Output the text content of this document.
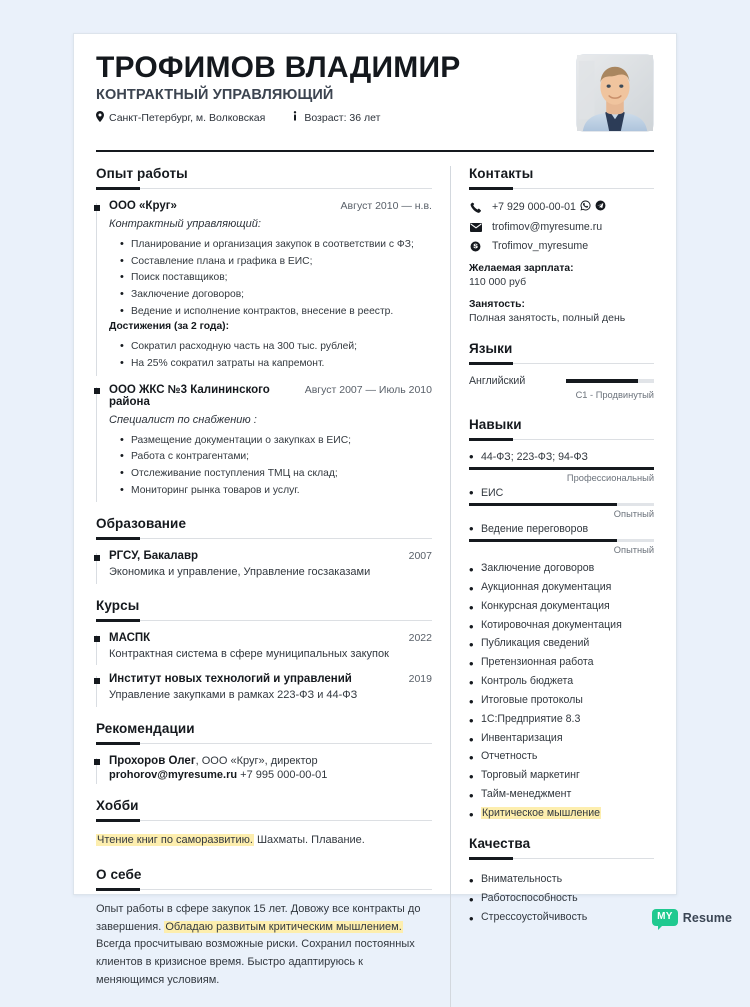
ТРОФИМОВ ВЛАДИМИР
КОНТРАКТНЫЙ УПРАВЛЯЮЩИЙ
Санкт-Петербург, м. Волковская	Возраст: 36 лет
Опыт работы
ООО «Круг»	Август 2010 — н.в.
Контрактный управляющий:
• Планирование и организация закупок в соответствии с ФЗ;
• Составление плана и графика в ЕИС;
• Поиск поставщиков;
• Заключение договоров;
• Ведение и исполнение контрактов, внесение в реестр.
Достижения (за 2 года):
• Сократил расходную часть на 300 тыс. рублей;
• На 25% сократил затраты на капремонт.
ООО ЖКС №3 Калининского района
Август 2007 — Июль 2010
Специалист по снабжению :
• Размещение документации о закупках в ЕИС;
• Работа с контрагентами;
• Отслеживание поступления ТМЦ на склад;
• Мониторинг рынка товаров и услуг.
Образование
РГСУ, Бакалавр	2007
Экономика и управление, Управление госзаказами
Курсы
МАСПК	2022
Контрактная система в сфере муниципальных закупок
Институт новых технологий и управлений	2019
Управление закупками в рамках 223-ФЗ и 44-ФЗ
Рекомендации
Прохоров Олег, ООО «Круг», директор
prohorov@myresume.ru +7 995 000-00-01
Хобби
Чтение книг по саморазвитию. Шахматы. Плавание.
О себе
Опыт работы в сфере закупок 15 лет. Довожу все контракты до завершения. Обладаю развитым критическим мышлением. Всегда просчитываю возможные риски. Сохранил постоянных клиентов в кризисное время. Быстро адаптируюсь к меняющимся условиям.
Контакты
+7 929 000-00-01
trofimov@myresume.ru
Trofimov_myresume
Желаемая зарплата:
110 000 руб
Занятость:
Полная занятость, полный день
Языки
Английский
C1 - Продвинутый
Навыки
• 44-ФЗ; 223-ФЗ; 94-ФЗ
Профессиональный
• ЕИС
Опытный
• Ведение переговоров
Опытный
• Заключение договоров
• Аукционная документация
• Конкурсная документация
• Котировочная документация
• Публикация сведений
• Претензионная работа
• Контроль бюджета
• Итоговые протоколы
• 1С:Предприятие 8.3
• Инвентаризация
• Отчетность
• Торговый маркетинг
• Тайм-менеджмент
• Критическое мышление
Качества
• Внимательность
• Работоспособность
• Стрессоустойчивость	MY Resume
